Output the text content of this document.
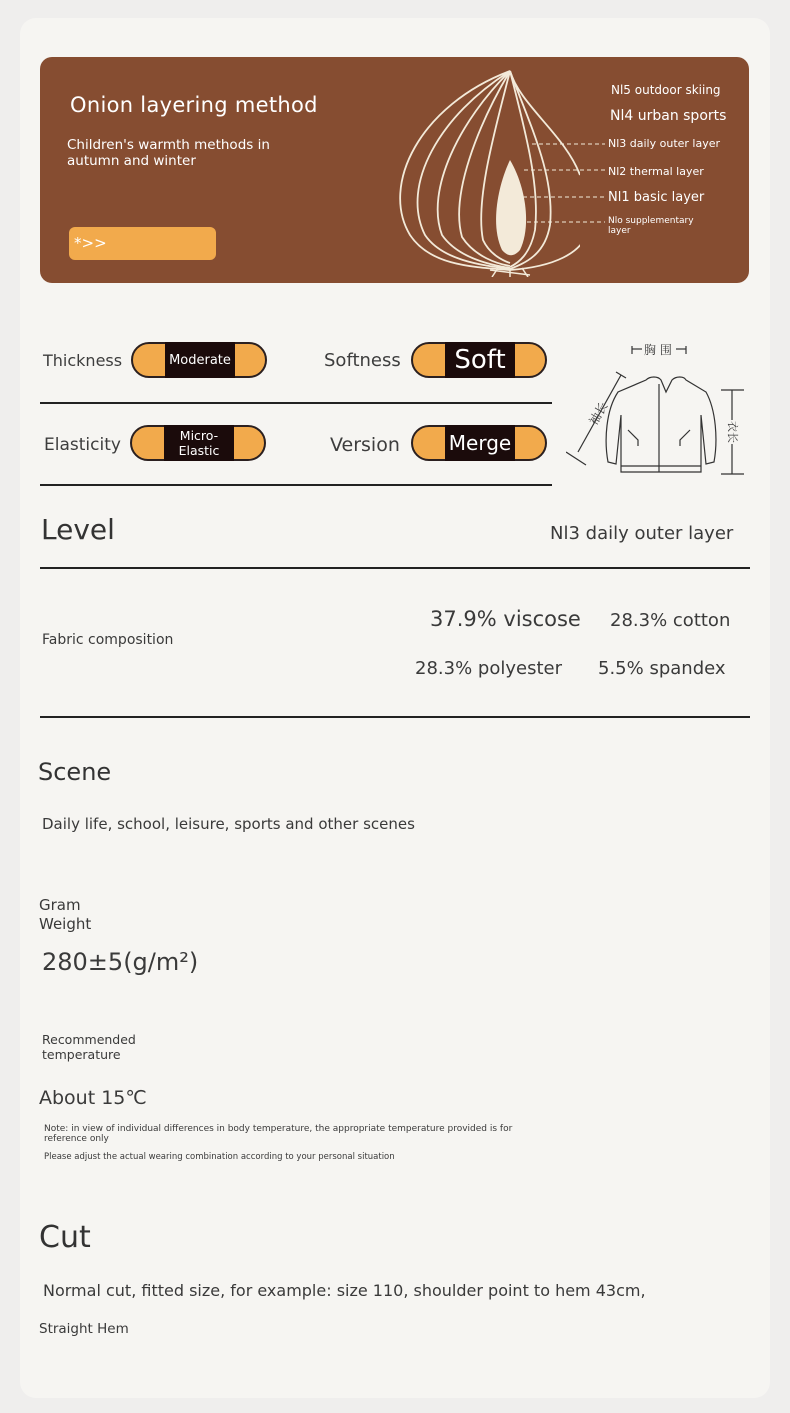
Onion layering method
Children's warmth methods in autumn and winter
*>>
Nl5 outdoor skiing
Nl4 urban sports
Nl3 daily outer layer
Nl2 thermal layer
Nl1 basic layer
Nlo supplementary layer
Thickness	Moderate	Softness	Soft
Elasticity	Micro-Elastic	Version Merge
胸 围
袖长
衣长
Level	Nl3 daily outer layer
Fabric composition
37.9% viscose 28.3% cotton
28.3% polyester 5.5% spandex
Scene
Daily life, school, leisure, sports and other scenes
Gram Weight
280±5(g/m²)
Recommended temperature
About 15℃
Note: in view of individual differences in body temperature, the appropriate temperature provided is for reference only
Please adjust the actual wearing combination according to your personal situation
Cut
Normal cut, fitted size, for example: size 110, shoulder point to hem 43cm,
Straight Hem
